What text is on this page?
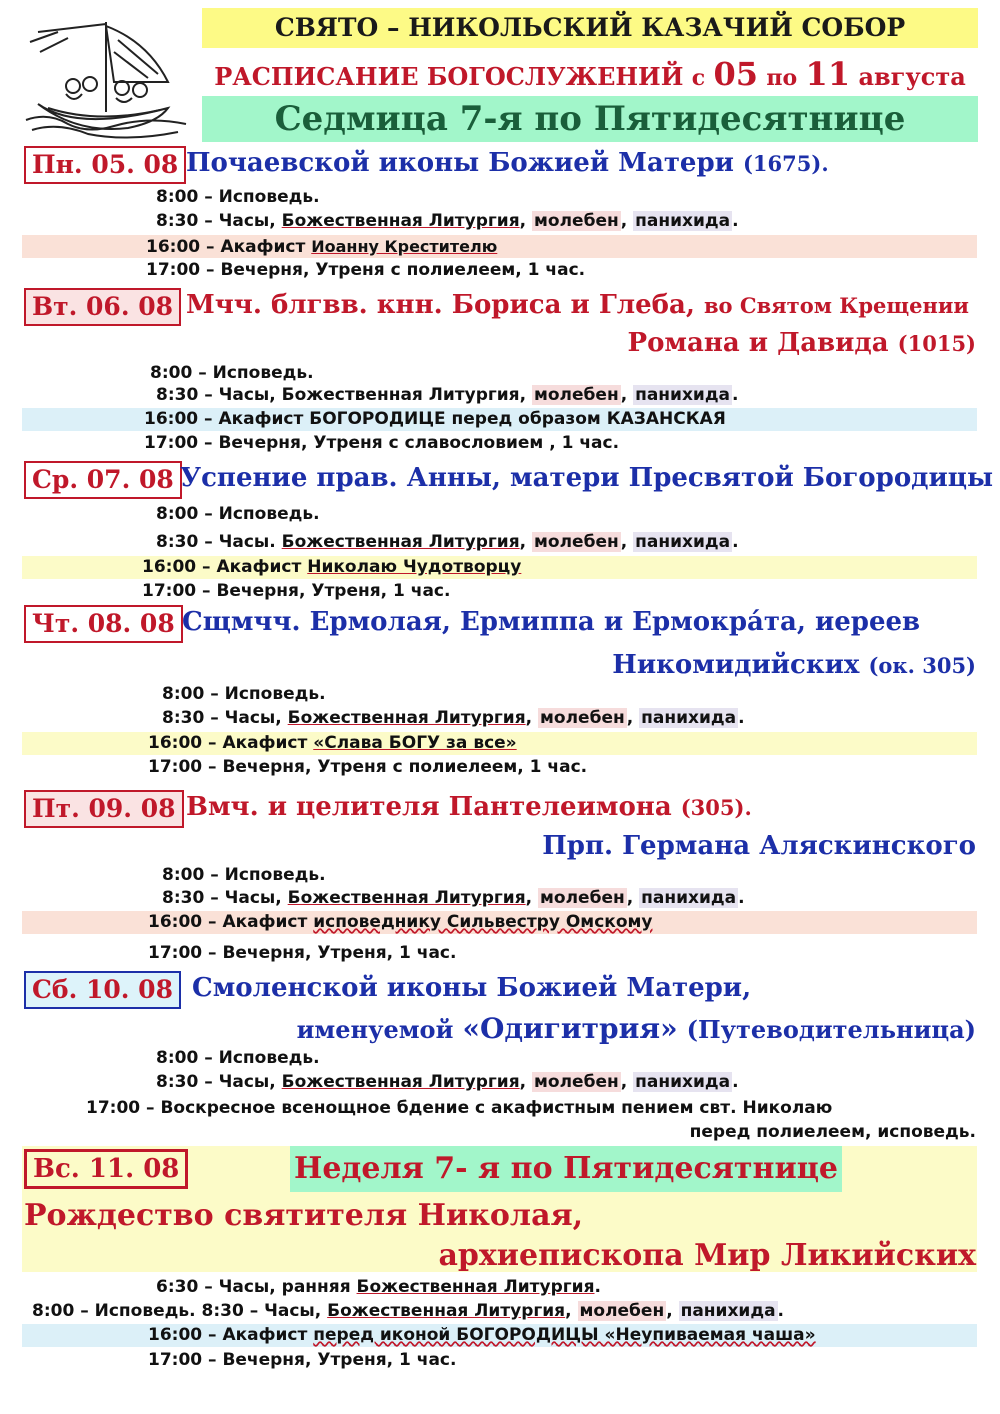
СВЯТО – НИКОЛЬСКИЙ КАЗАЧИЙ СОБОР
РАСПИСАНИЕ БОГОСЛУЖЕНИЙ с 05 по 11 августа
Седмица 7-я по Пятидесятнице
Пн. 05. 08 Почаевской иконы Божией Матери (1675).
8:00 – Исповедь.
8:30 – Часы, Божественная Литургия, молебен , панихида .
16:00 – Акафист Иоанну Крестителю
17:00 – Вечерня, Утреня с полиелеем, 1 час.
Вт. 06. 08 Мчч. блгвв. кнн. Бориса и Глеба, во Святом Крещении
Романа и Давида (1015)
8:00 – Исповедь.
8:30 – Часы, Божественная Литургия, молебен , панихида .
16:00 – Акафист БОГОРОДИЦЕ перед образом КАЗАНСКАЯ
17:00 – Вечерня, Утреня с славословием , 1 час.
Ср. 07. 08 Успение прав. Анны, матери Пресвятой Богородицы
8:00 – Исповедь.
8:30 – Часы. Божественная Литургия, молебен , панихида .
16:00 – Акафист Николаю Чудотворцу
17:00 – Вечерня, Утреня, 1 час.
Чт. 08. 08 Сщмчч. Ермолая, Ермиппа и Ермокра́та, иереев
Никомидийских (ок. 305)
8:00 – Исповедь.
8:30 – Часы, Божественная Литургия, молебен , панихида .
16:00 – Акафист «Слава БОГУ за все»
17:00 – Вечерня, Утреня с полиелеем, 1 час.
Пт. 09. 08 Вмч. и целителя Пантелеимона (305).
Прп. Германа Аляскинского
8:00 – Исповедь.
8:30 – Часы, Божественная Литургия, молебен , панихида .
16:00 – Акафист исповеднику Сильвестру Омскому
17:00 – Вечерня, Утреня, 1 час.
Сб. 10. 08 Смоленской иконы Божией Матери,
именуемой «Одигитрия» (Путеводительница)
8:00 – Исповедь.
8:30 – Часы, Божественная Литургия, молебен , панихида .
17:00 – Воскресное всенощное бдение с акафистным пением свт. Николаю
перед полиелеем, исповедь.
Вс. 11. 08	Неделя 7- я по Пятидесятнице
Рождество святителя Николая,
архиепископа Мир Ликийских
6:30 – Часы, ранняя Божественная Литургия.
8:00 – Исповедь. 8:30 – Часы, Божественная Литургия, молебен , панихида .
16:00 – Акафист перед иконой БОГОРОДИЦЫ «Неупиваемая чаша»
17:00 – Вечерня, Утреня, 1 час.
